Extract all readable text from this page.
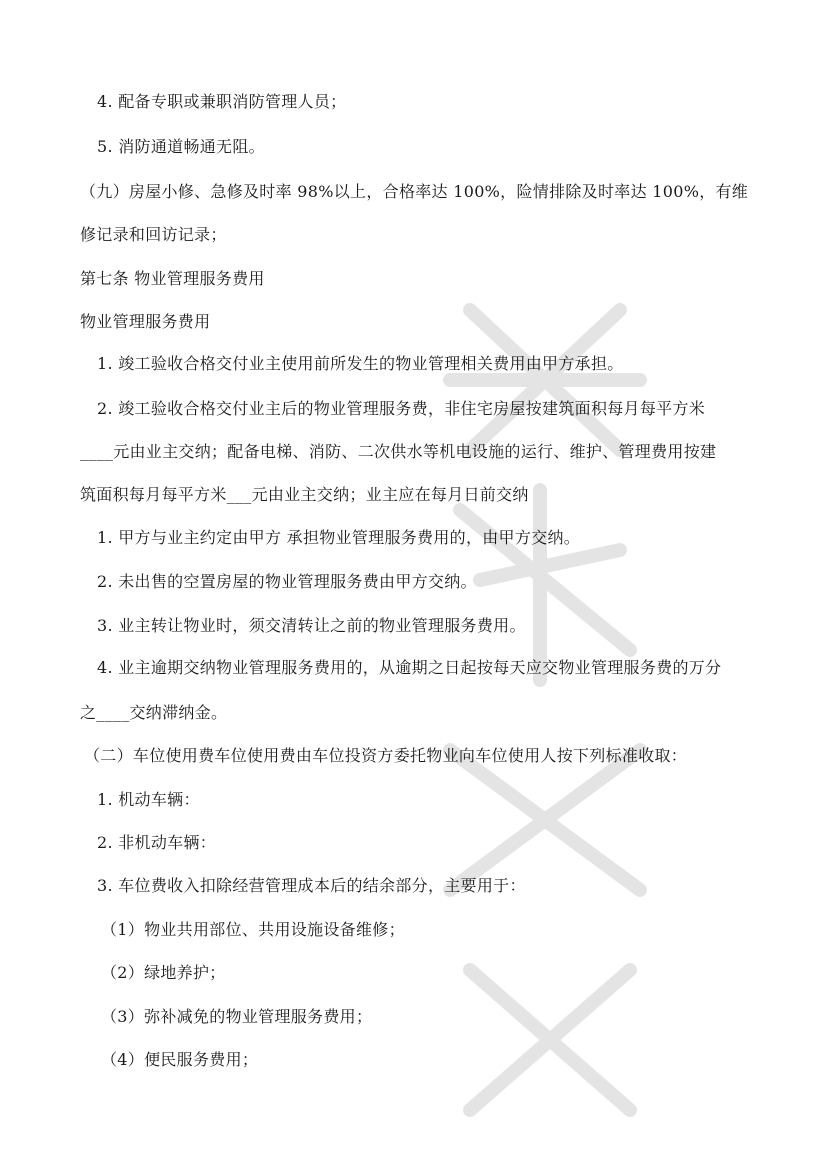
4. 配备专职或兼职消防管理人员；
5. 消防通道畅通无阻。
（九）房屋小修、急修及时率 98%以上，合格率达 100%，险情排除及时率达 100%，有维
修记录和回访记录；
第七条 物业管理服务费用
物业管理服务费用
1. 竣工验收合格交付业主使用前所发生的物业管理相关费用由甲方承担。
2. 竣工验收合格交付业主后的物业管理服务费，非住宅房屋按建筑面积每月每平方米
____元由业主交纳；配备电梯、消防、二次供水等机电设施的运行、维护、管理费用按建
筑面积每月每平方米___元由业主交纳；业主应在每月日前交纳
1. 甲方与业主约定由甲方 承担物业管理服务费用的，由甲方交纳。
2. 未出售的空置房屋的物业管理服务费由甲方交纳。
3. 业主转让物业时，须交清转让之前的物业管理服务费用。
4. 业主逾期交纳物业管理服务费用的，从逾期之日起按每天应交物业管理服务费的万分
之____交纳滞纳金。
（二）车位使用费车位使用费由车位投资方委托物业向车位使用人按下列标准收取：
1. 机动车辆：
2. 非机动车辆：
3. 车位费收入扣除经营管理成本后的结余部分，主要用于：
（1）物业共用部位、共用设施设备维修；
（2）绿地养护；
（3）弥补减免的物业管理服务费用；
（4）便民服务费用；
